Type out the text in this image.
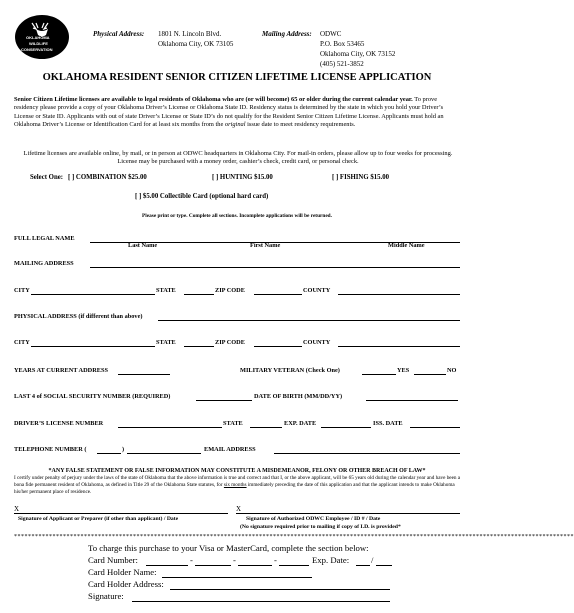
OKLAHOMA
WILDLIFE
CONSERVATION
Physical Address: 1801 N. Lincoln Blvd.
Oklahoma City, OK 73105
Mailing Address: ODWC
P.O. Box 53465
Oklahoma City, OK 73152
(405) 521-3852
OKLAHOMA RESIDENT SENIOR CITIZEN LIFETIME LICENSE APPLICATION
Senior Citizen Lifetime licenses are available to legal residents of Oklahoma who are (or will become) 65 or older during the current calendar year. To prove residency please provide a copy of your Oklahoma Driver’s License or Oklahoma State ID. Residency status is determined by the state in which you hold your Driver’s License or State ID. Applicants with out of state Driver’s License or State ID’s do not qualify for the Resident Senior Citizen Lifetime License. Applicants must hold an Oklahoma Driver’s License or Identification Card for at least six months from the original issue date to meet residency requirements.
Lifetime licenses are available online, by mail, or in person at ODWC headquarters in Oklahoma City. For mail-in orders, please allow up to four weeks for processing. License may be purchased with a money order, cashier’s check, credit card, or personal check.
Select One: [ ] COMBINATION $25.00	[ ] HUNTING $15.00	[ ] FISHING $15.00
[ ] $5.00 Collectible Card (optional hard card)
Please print or type. Complete all sections. Incomplete applications will be returned.
FULL LEGAL NAME
Last Name	First Name	Middle Name
MAILING ADDRESS
CITY	STATE	ZIP CODE	COUNTY
PHYSICAL ADDRESS (if different than above)
CITY	STATE	ZIP CODE	COUNTY
YEARS AT CURRENT ADDRESS	MILITARY VETERAN (Check One)	YES	NO
LAST 4 of SOCIAL SECURITY NUMBER (REQUIRED)	DATE OF BIRTH (MM/DD/YY)
DRIVER’S LICENSE NUMBER	STATE	EXP. DATE	ISS. DATE
TELEPHONE NUMBER (	)	EMAIL ADDRESS
*ANY FALSE STATEMENT OR FALSE INFORMATION MAY CONSTITUTE A MISDEMEANOR, FELONY OR OTHER BREACH OF LAW*
I certify under penalty of perjury under the laws of the state of Oklahoma that the above information is true and correct and that I, or the above applicant, will be 65 years old during the calendar year and have been a bona fide permanent resident of Oklahoma, as defined in Title 29 of the Oklahoma State statutes, for six months immediately preceding the date of this application and that the applicant intends to make Oklahoma his/her permanent place of residence.
X
Signature of Applicant or Preparer (if other than applicant) / Date
X
Signature of Authorized ODWC Employee / ID # / Date
(No signature required prior to mailing if copy of I.D. is provided*
****************************************************************************************************************************************************************
To charge this purchase to your Visa or MasterCard, complete the section below:
Card Number:	-	-	-	Exp. Date:	/
Card Holder Name:
Card Holder Address:
Signature:
